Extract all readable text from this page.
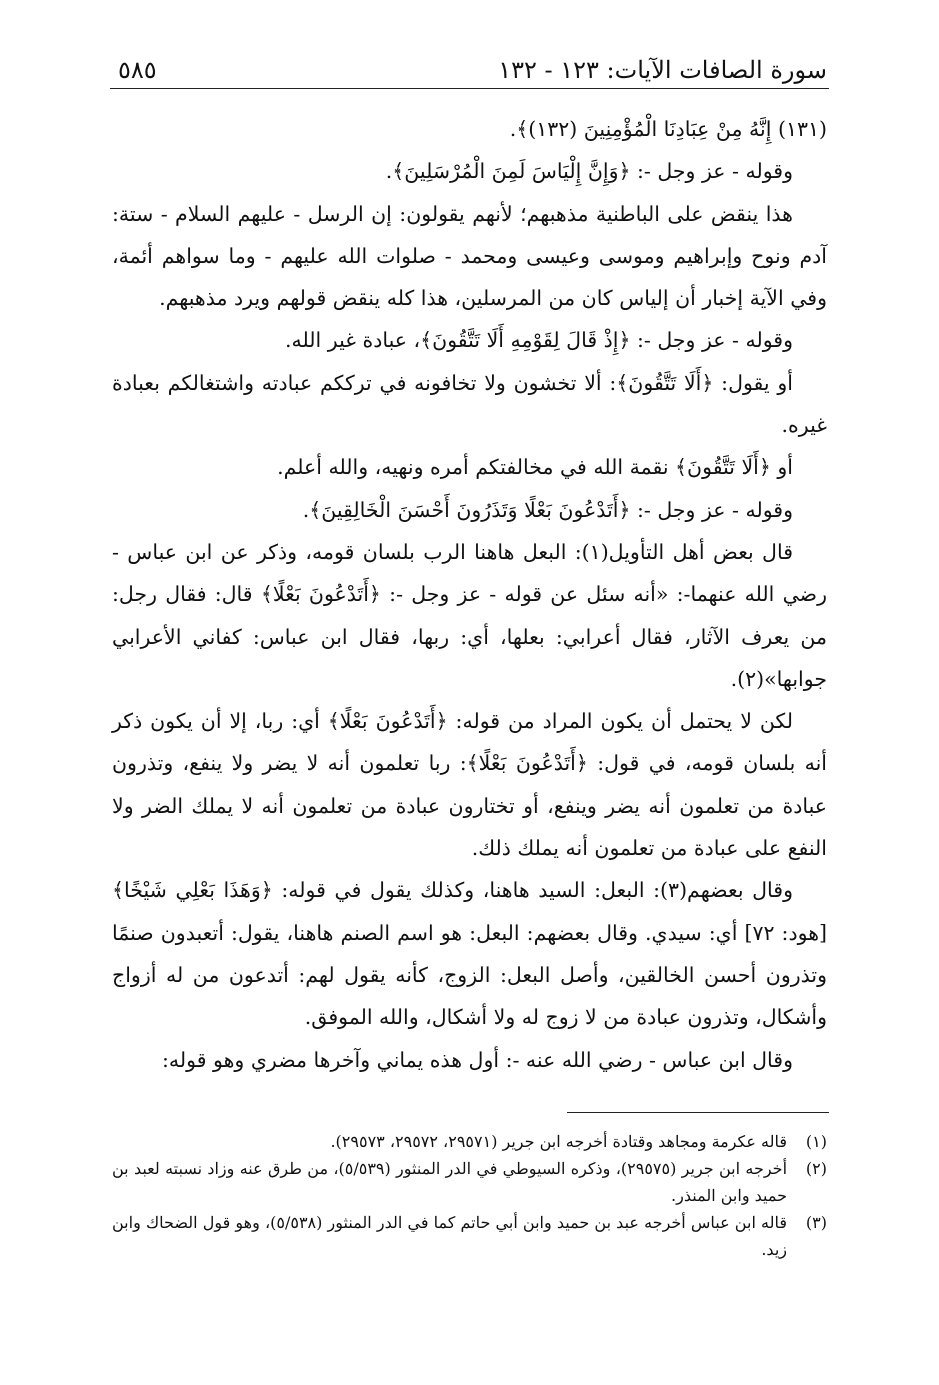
سورة الصافات الآيات: ١٢٣ - ١٣٢
٥٨٥

(١٣١) إِنَّهُ مِنْ عِبَادِنَا الْمُؤْمِنِينَ (١٣٢)﴾.

وقوله - عز وجل -: ﴿وَإِنَّ إِلْيَاسَ لَمِنَ الْمُرْسَلِينَ﴾.

هذا ينقض على الباطنية مذهبهم؛ لأنهم يقولون: إن الرسل - عليهم السلام - ستة: آدم ونوح وإبراهيم وموسى وعيسى ومحمد - صلوات الله عليهم - وما سواهم أئمة، وفي الآية إخبار أن إلياس كان من المرسلين، هذا كله ينقض قولهم ويرد مذهبهم.

وقوله - عز وجل -: ﴿إِذْ قَالَ لِقَوْمِهِ أَلَا تَتَّقُونَ﴾، عبادة غير الله.

أو يقول: ﴿أَلَا تَتَّقُونَ﴾: ألا تخشون ولا تخافونه في ترككم عبادته واشتغالكم بعبادة غيره.

أو ﴿أَلَا تَتَّقُونَ﴾ نقمة الله في مخالفتكم أمره ونهيه، والله أعلم.

وقوله - عز وجل -: ﴿أَتَدْعُونَ بَعْلًا وَتَذَرُونَ أَحْسَنَ الْخَالِقِينَ﴾.

قال بعض أهل التأويل(١): البعل هاهنا الرب بلسان قومه، وذكر عن ابن عباس - رضي الله عنهما-: «أنه سئل عن قوله - عز وجل -: ﴿أَتَدْعُونَ بَعْلًا﴾ قال: فقال رجل: من يعرف الآثار، فقال أعرابي: بعلها، أي: ربها، فقال ابن عباس: كفاني الأعرابي جوابها»(٢).

لكن لا يحتمل أن يكون المراد من قوله: ﴿أَتَدْعُونَ بَعْلًا﴾ أي: ربا، إلا أن يكون ذكر أنه بلسان قومه، في قول: ﴿أَتَدْعُونَ بَعْلًا﴾: ربا تعلمون أنه لا يضر ولا ينفع، وتذرون عبادة من تعلمون أنه يضر وينفع، أو تختارون عبادة من تعلمون أنه لا يملك الضر ولا النفع على عبادة من تعلمون أنه يملك ذلك.

وقال بعضهم(٣): البعل: السيد هاهنا، وكذلك يقول في قوله: ﴿وَهَذَا بَعْلِي شَيْخًا﴾ [هود: ٧٢] أي: سيدي. وقال بعضهم: البعل: هو اسم الصنم هاهنا، يقول: أتعبدون صنمًا وتذرون أحسن الخالقين، وأصل البعل: الزوج، كأنه يقول لهم: أتدعون من له أزواج وأشكال، وتذرون عبادة من لا زوج له ولا أشكال، والله الموفق.

وقال ابن عباس - رضي الله عنه -: أول هذه يماني وآخرها مضري وهو قوله:

(١)
قاله عكرمة ومجاهد وقتادة أخرجه ابن جرير (٢٩٥٧١، ٢٩٥٧٢، ٢٩٥٧٣).
(٢)
أخرجه ابن جرير (٢٩٥٧٥)، وذكره السيوطي في الدر المنثور (٥/٥٣٩)، من طرق عنه وزاد نسبته لعبد بن حميد وابن المنذر.
(٣)
قاله ابن عباس أخرجه عبد بن حميد وابن أبي حاتم كما في الدر المنثور (٥/٥٣٨)، وهو قول الضحاك وابن زيد.
